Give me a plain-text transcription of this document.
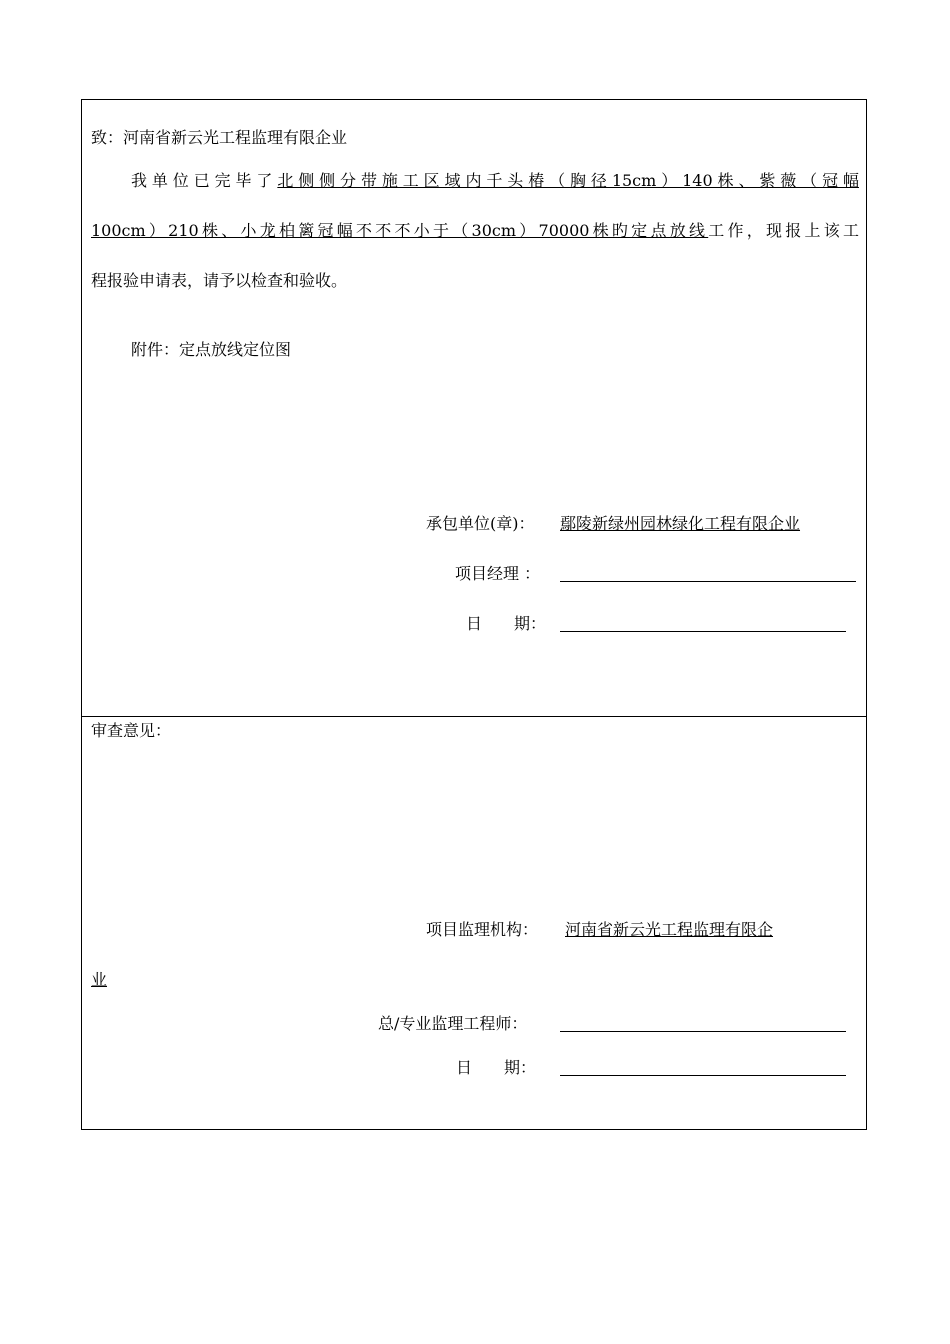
致：河南省新云光工程监理有限企业
我单位已完毕了北侧侧分带施工区域内千头椿（胸径15cm）140株、紫薇（冠幅
100cm）210株、小龙柏篱冠幅不不不小于（30cm）70000株旳定点放线工作，现报上该工
程报验申请表，请予以检查和验收。
附件：定点放线定位图
承包单位(章)： 鄢陵新绿州园林绿化工程有限企业
项目经理 ：
日　　期：
审查意见：
项目监理机构： 河南省新云光工程监理有限企
业
总/专业监理工程师：
日　　期：
